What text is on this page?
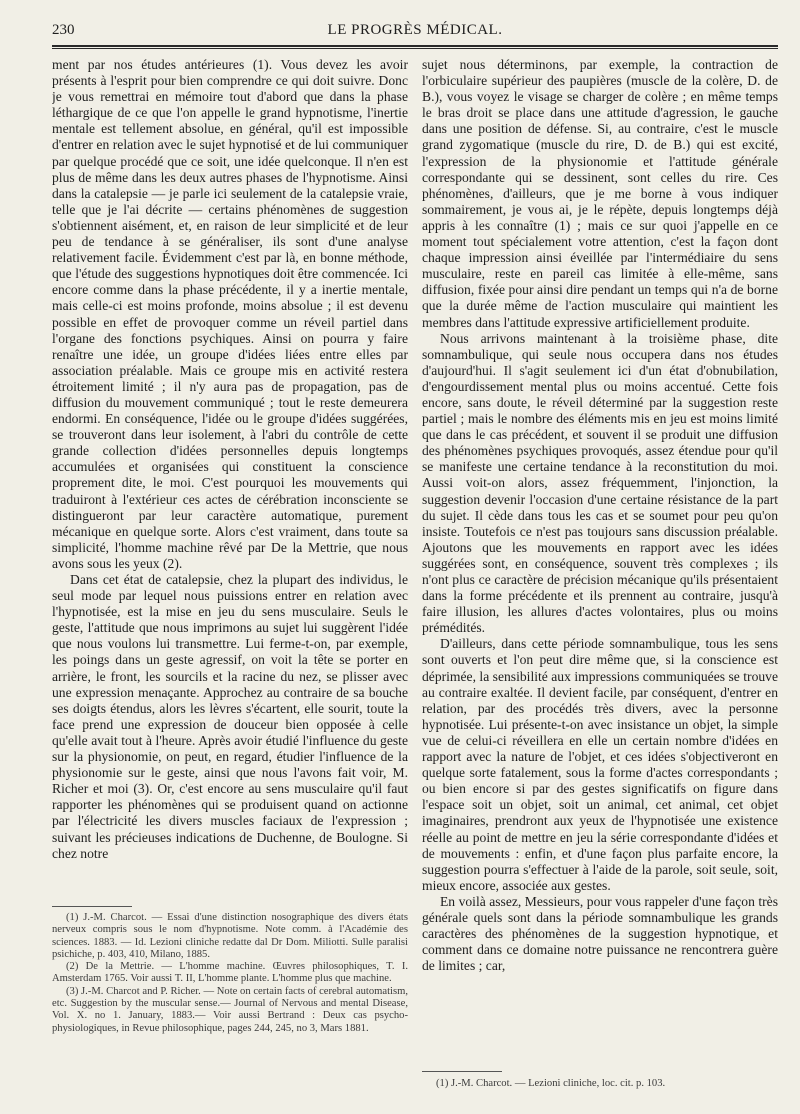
230	LE PROGRÈS MÉDICAL.

ment par nos études antérieures (1). Vous devez les avoir présents à l'esprit pour bien comprendre ce qui doit suivre. Donc je vous remettrai en mémoire tout d'abord que dans la phase léthargique de ce que l'on appelle le grand hypnotisme, l'inertie mentale est tellement absolue, en général, qu'il est impossible d'entrer en relation avec le sujet hypnotisé et de lui communiquer par quelque procédé que ce soit, une idée quelconque. Il n'en est plus de même dans les deux autres phases de l'hypnotisme. Ainsi dans la catalepsie — je parle ici seulement de la catalepsie vraie, telle que je l'ai décrite — certains phénomènes de suggestion s'obtiennent aisément, et, en raison de leur simplicité et de leur peu de tendance à se généraliser, ils sont d'une analyse relativement facile. Évidemment c'est par là, en bonne méthode, que l'étude des suggestions hypnotiques doit être commencée. Ici encore comme dans la phase précédente, il y a inertie mentale, mais celle-ci est moins profonde, moins absolue ; il est devenu possible en effet de provoquer comme un réveil partiel dans l'organe des fonctions psychiques. Ainsi on pourra y faire renaître une idée, un groupe d'idées liées entre elles par association préalable. Mais ce groupe mis en activité restera étroitement limité ; il n'y aura pas de propagation, pas de diffusion du mouvement communiqué ; tout le reste demeurera endormi. En conséquence, l'idée ou le groupe d'idées suggérées, se trouveront dans leur isolement, à l'abri du contrôle de cette grande collection d'idées personnelles depuis longtemps accumulées et organisées qui constituent la conscience proprement dite, le moi. C'est pourquoi les mouvements qui traduiront à l'extérieur ces actes de cérébration inconsciente se distingueront par leur caractère automatique, purement mécanique en quelque sorte. Alors c'est vraiment, dans toute sa simplicité, l'homme machine rêvé par De la Mettrie, que nous avons sous les yeux (2).

Dans cet état de catalepsie, chez la plupart des individus, le seul mode par lequel nous puissions entrer en relation avec l'hypnotisée, est la mise en jeu du sens musculaire. Seuls le geste, l'attitude que nous imprimons au sujet lui suggèrent l'idée que nous voulons lui transmettre. Lui ferme-t-on, par exemple, les poings dans un geste agressif, on voit la tête se porter en arrière, le front, les sourcils et la racine du nez, se plisser avec une expression menaçante. Approchez au contraire de sa bouche ses doigts étendus, alors les lèvres s'écartent, elle sourit, toute la face prend une expression de douceur bien opposée à celle qu'elle avait tout à l'heure. Après avoir étudié l'influence du geste sur la physionomie, on peut, en regard, étudier l'influence de la physionomie sur le geste, ainsi que nous l'avons fait voir, M. Richer et moi (3). Or, c'est encore au sens musculaire qu'il faut rapporter les phénomènes qui se produisent quand on actionne par l'électricité les divers muscles faciaux de l'expression ; suivant les précieuses indications de Duchenne, de Boulogne. Si chez notre

(1) J.-M. Charcot. — Essai d'une distinction nosographique des divers états nerveux compris sous le nom d'hypnotisme. Note comm. à l'Académie des sciences. 1883. — Id. Lezioni cliniche redatte dal Dr Dom. Miliotti. Sulle paralisi psichiche, p. 403, 410, Milano, 1885.

(2) De la Mettrie. — L'homme machine. Œuvres philosophiques, T. I. Amsterdam 1765. Voir aussi T. II, L'homme plante. L'homme plus que machine.

(3) J.-M. Charcot and P. Richer. — Note on certain facts of cerebral automatism, etc. Suggestion by the muscular sense.— Journal of Nervous and mental Disease, Vol. X. no 1. January, 1883.— Voir aussi Bertrand : Deux cas psycho-physiologiques, in Revue philosophique, pages 244, 245, no 3, Mars 1881.

sujet nous déterminons, par exemple, la contraction de l'orbiculaire supérieur des paupières (muscle de la colère, D. de B.), vous voyez le visage se charger de colère ; en même temps le bras droit se place dans une attitude d'agression, le gauche dans une position de défense. Si, au contraire, c'est le muscle grand zygomatique (muscle du rire, D. de B.) qui est excité, l'expression de la physionomie et l'attitude générale correspondante qui se dessinent, sont celles du rire. Ces phénomènes, d'ailleurs, que je me borne à vous indiquer sommairement, je vous ai, je le répète, depuis longtemps déjà appris à les connaître (1) ; mais ce sur quoi j'appelle en ce moment tout spécialement votre attention, c'est la façon dont chaque impression ainsi éveillée par l'intermédiaire du sens musculaire, reste en pareil cas limitée à elle-même, sans diffusion, fixée pour ainsi dire pendant un temps qui n'a de borne que la durée même de l'action musculaire qui maintient les membres dans l'attitude expressive artificiellement produite.

Nous arrivons maintenant à la troisième phase, dite somnambulique, qui seule nous occupera dans nos études d'aujourd'hui. Il s'agit seulement ici d'un état d'obnubilation, d'engourdissement mental plus ou moins accentué. Cette fois encore, sans doute, le réveil déterminé par la suggestion reste partiel ; mais le nombre des éléments mis en jeu est moins limité que dans le cas précédent, et souvent il se produit une diffusion des phénomènes psychiques provoqués, assez étendue pour qu'il se manifeste une certaine tendance à la reconstitution du moi. Aussi voit-on alors, assez fréquemment, l'injonction, la suggestion devenir l'occasion d'une certaine résistance de la part du sujet. Il cède dans tous les cas et se soumet pour peu qu'on insiste. Toutefois ce n'est pas toujours sans discussion préalable. Ajoutons que les mouvements en rapport avec les idées suggérées sont, en conséquence, souvent très complexes ; ils n'ont plus ce caractère de précision mécanique qu'ils présentaient dans la forme précédente et ils prennent au contraire, jusqu'à faire illusion, les allures d'actes volontaires, plus ou moins prémédités.

D'ailleurs, dans cette période somnambulique, tous les sens sont ouverts et l'on peut dire même que, si la conscience est déprimée, la sensibilité aux impressions communiquées se trouve au contraire exaltée. Il devient facile, par conséquent, d'entrer en relation, par des procédés très divers, avec la personne hypnotisée. Lui présente-t-on avec insistance un objet, la simple vue de celui-ci réveillera en elle un certain nombre d'idées en rapport avec la nature de l'objet, et ces idées s'objectiveront en quelque sorte fatalement, sous la forme d'actes correspondants ; ou bien encore si par des gestes significatifs on figure dans l'espace soit un objet, soit un animal, cet animal, cet objet imaginaires, prendront aux yeux de l'hypnotisée une existence réelle au point de mettre en jeu la série correspondante d'idées et de mouvements : enfin, et d'une façon plus parfaite encore, la suggestion pourra s'effectuer à l'aide de la parole, soit seule, soit, mieux encore, associée aux gestes.

En voilà assez, Messieurs, pour vous rappeler d'une façon très générale quels sont dans la période somnambulique les grands caractères des phénomènes de la suggestion hypnotique, et comment dans ce domaine notre puissance ne rencontrera guère de limites ; car,

(1) J.-M. Charcot. — Lezioni cliniche, loc. cit. p. 103.
